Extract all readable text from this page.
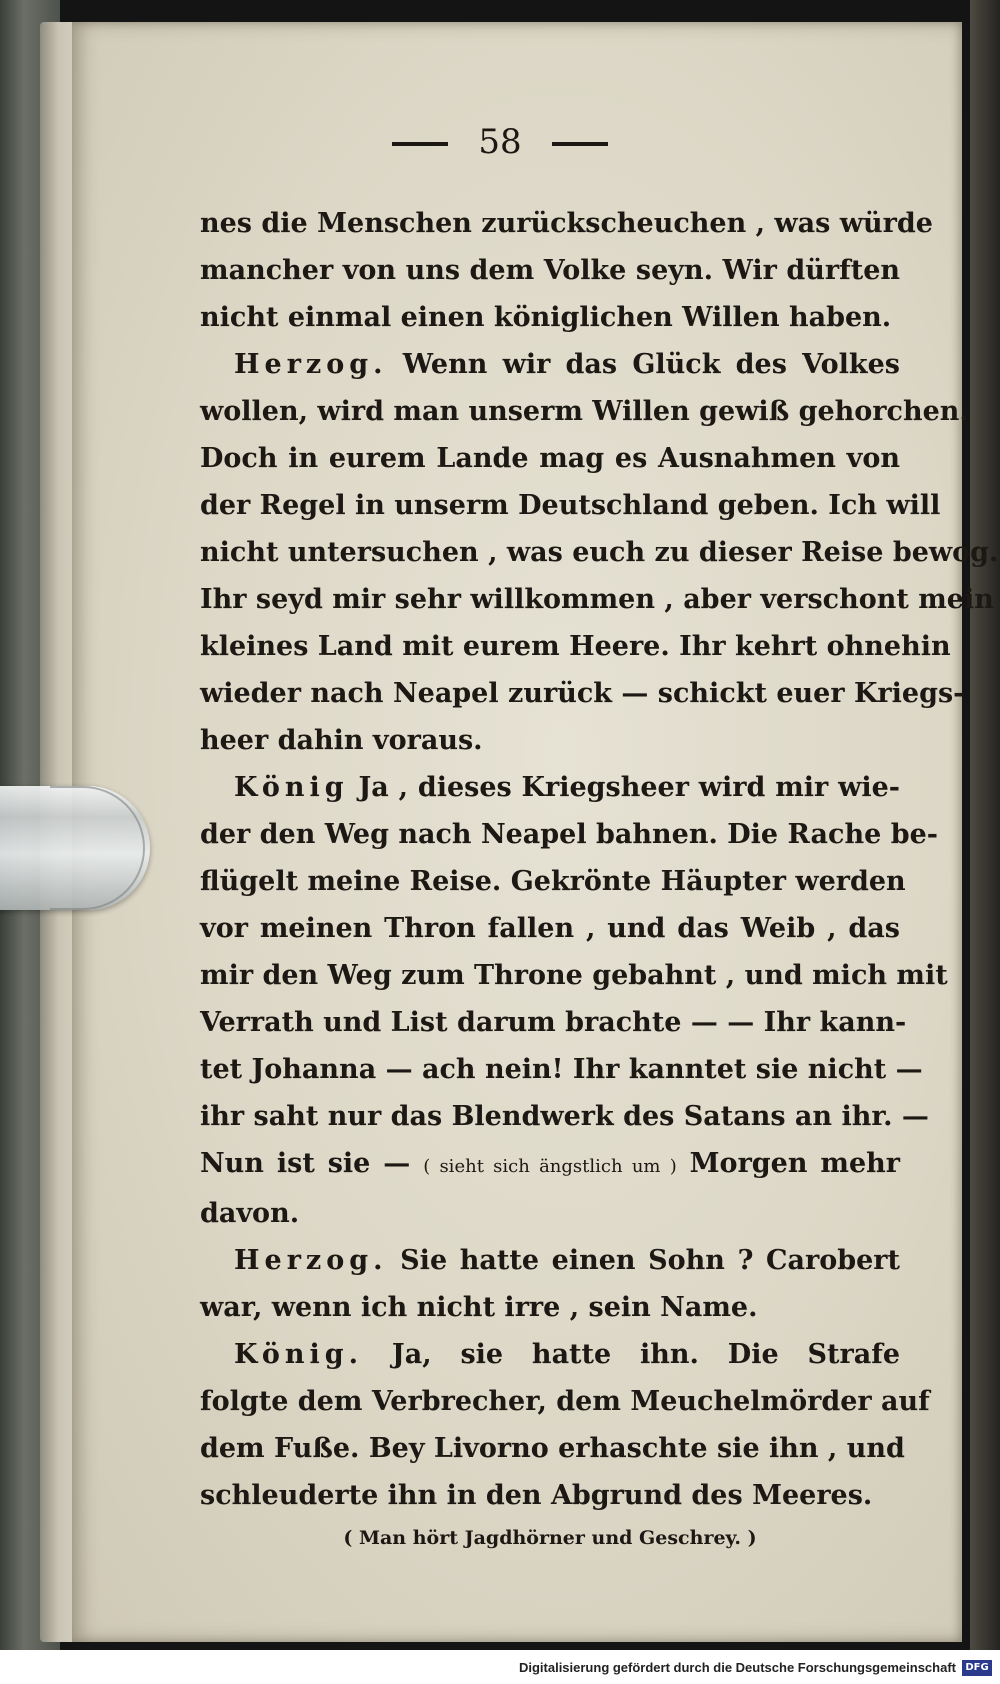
58
nes die Menschen zurückscheuchen , was würde
mancher von uns dem Volke seyn. Wir dürften
nicht einmal einen königlichen Willen haben.
Herzog. Wenn wir das Glück des Volkes
wollen, wird man unserm Willen gewiß gehorchen.
Doch in eurem Lande mag es Ausnahmen von
der Regel in unserm Deutschland geben. Ich will
nicht untersuchen , was euch zu dieser Reise bewog.
Ihr seyd mir sehr willkommen , aber verschont mein
kleines Land mit eurem Heere. Ihr kehrt ohnehin
wieder nach Neapel zurück — schickt euer Kriegs-
heer dahin voraus.
König Ja , dieses Kriegsheer wird mir wie-
der den Weg nach Neapel bahnen. Die Rache be-
flügelt meine Reise. Gekrönte Häupter werden
vor meinen Thron fallen , und das Weib , das
mir den Weg zum Throne gebahnt , und mich mit
Verrath und List darum brachte — — Ihr kann-
tet Johanna — ach nein! Ihr kanntet sie nicht —
ihr saht nur das Blendwerk des Satans an ihr. —
Nun ist sie — ( sieht sich ängstlich um ) Morgen mehr
davon.
Herzog. Sie hatte einen Sohn ? Carobert
war, wenn ich nicht irre , sein Name.
König. Ja, sie hatte ihn. Die Strafe
folgte dem Verbrecher, dem Meuchelmörder auf
dem Fuße. Bey Livorno erhaschte sie ihn , und
schleuderte ihn in den Abgrund des Meeres.
( Man hört Jagdhörner und Geschrey. )
Digitalisierung gefördert durch die Deutsche Forschungsgemeinschaft DFG
